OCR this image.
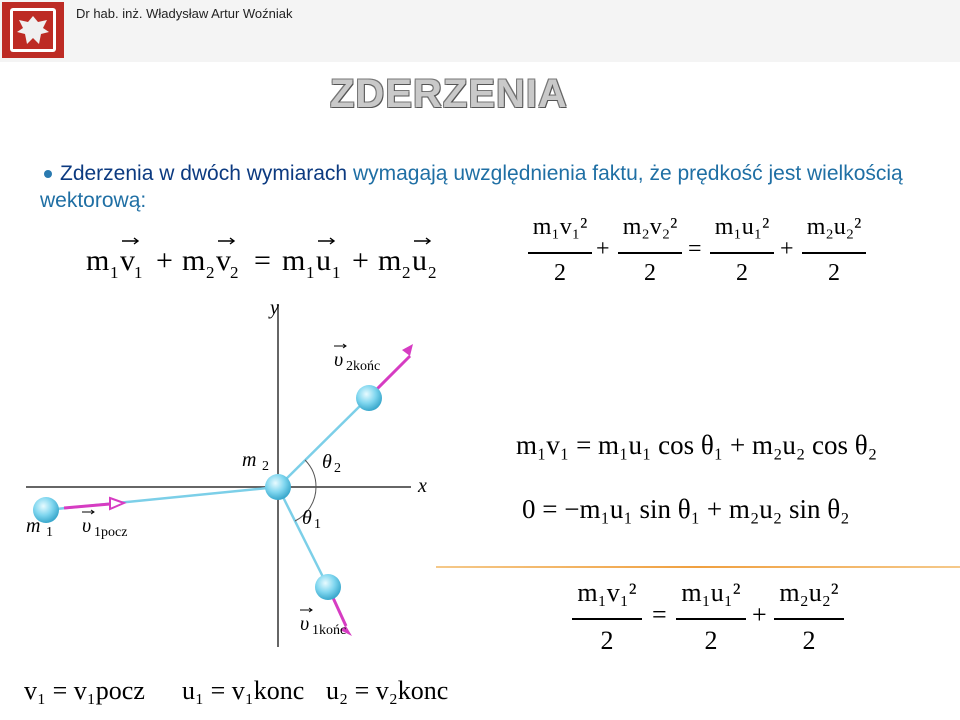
Dr hab. inż. Władysław Artur Woźniak
ZDERZENIA
Zderzenia w dwóch wymiarach wymagają uwzględnienia faktu, że prędkość jest wielkością wektorową:
m 1 v 1 + m 2 v 2 = m 1 u 1 + m 2 u 2
m₁v₁²
2
+
m₂v₂²
2
=
m₁u₁²
2
+
m₂u₂²
2
y
x
m 1
m 2
υ 1pocz
υ 2końc
υ 1końc
θ 2
θ 1
m₁v₁ = m₁u₁ cos θ₁ + m₂u₂ cos θ₂
0 = −m₁u₁ sin θ₁ + m₂u₂ sin θ₂
m₁v₁²
2
=
m₁u₁²
2
+
m₂u₂²
2
v₁ = v₁pocz u₁ = v₁konc u₂ = v₂konc
